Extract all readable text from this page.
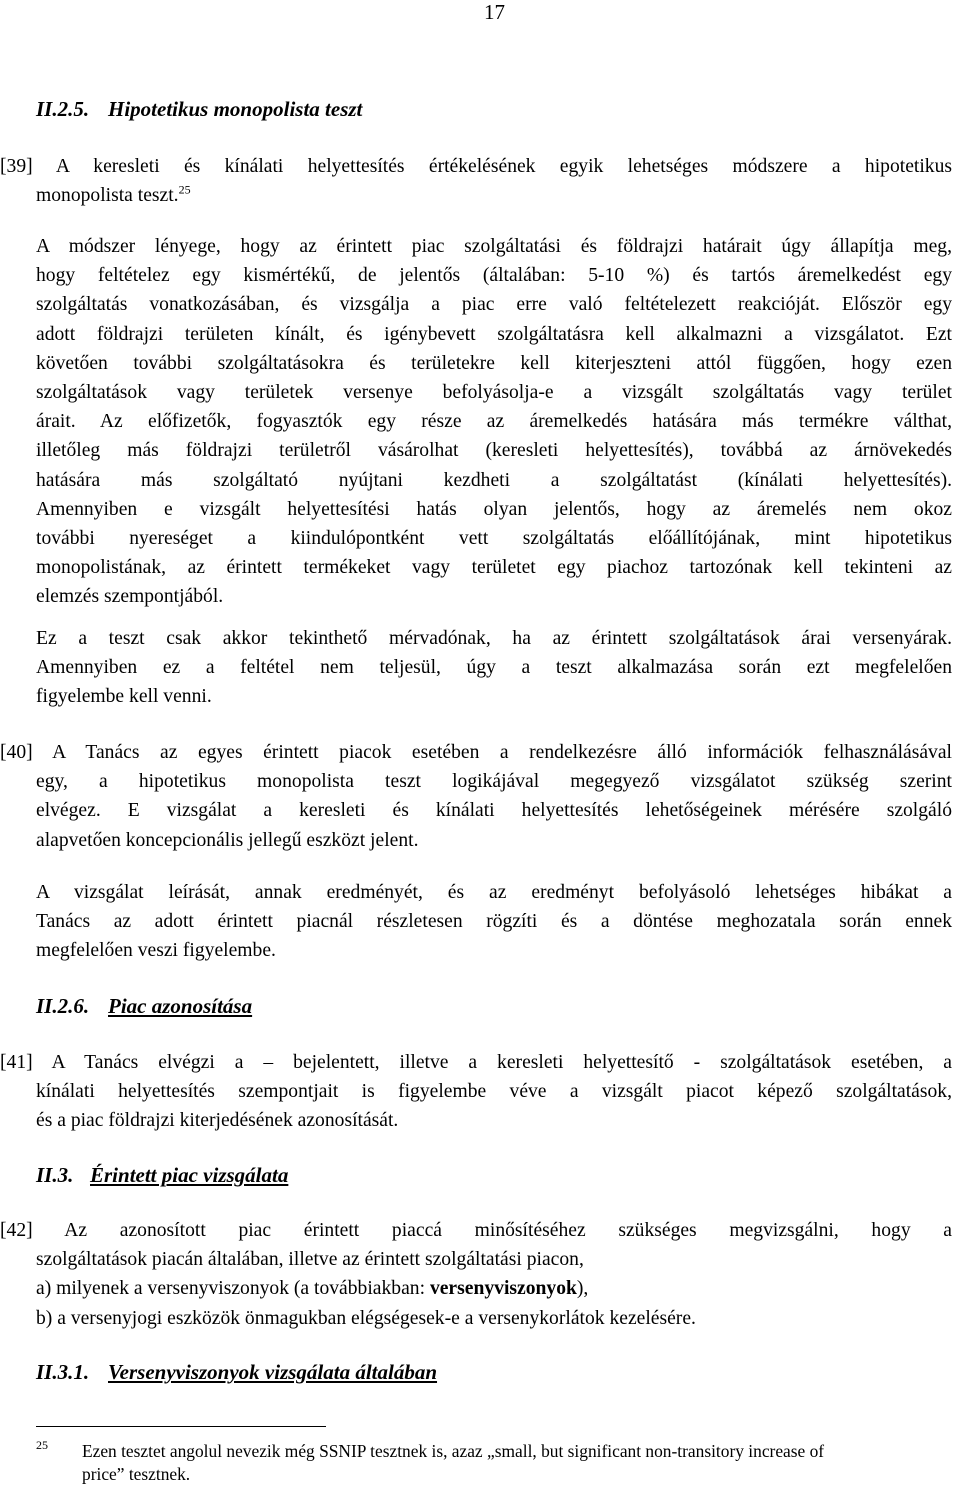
17
II.2.5. Hipotetikus monopolista teszt
[39] A keresleti és kínálati helyettesítés értékelésének egyik lehetséges módszere a hipotetikus
monopolista teszt.$^{25}$
A módszer lényege, hogy az érintett piac szolgáltatási és földrajzi határait úgy állapítja meg,
hogy feltételez egy kismértékű, de jelentős (általában: 5-10 %) és tartós áremelkedést egy
szolgáltatás vonatkozásában, és vizsgálja a piac erre való feltételezett reakcióját. Először egy
adott földrajzi területen kínált, és igénybevett szolgáltatásra kell alkalmazni a vizsgálatot. Ezt
követően további szolgáltatásokra és területekre kell kiterjeszteni attól függően, hogy ezen
szolgáltatások vagy területek versenye befolyásolja-e a vizsgált szolgáltatás vagy terület
árait. Az előfizetők, fogyasztók egy része az áremelkedés hatására más termékre válthat,
illetőleg más földrajzi területről vásárolhat (keresleti helyettesítés), továbbá az árnövekedés
hatására más szolgáltató nyújtani kezdheti a szolgáltatást (kínálati helyettesítés).
Amennyiben e vizsgált helyettesítési hatás olyan jelentős, hogy az áremelés nem okoz
további nyereséget a kiindulópontként vett szolgáltatás előállítójának, mint hipotetikus
monopolistának, az érintett termékeket vagy területet egy piachoz tartozónak kell tekinteni az
elemzés szempontjából.
Ez a teszt csak akkor tekinthető mérvadónak, ha az érintett szolgáltatások árai versenyárak.
Amennyiben ez a feltétel nem teljesül, úgy a teszt alkalmazása során ezt megfelelően
figyelembe kell venni.
[40] A Tanács az egyes érintett piacok esetében a rendelkezésre álló információk felhasználásával
egy, a hipotetikus monopolista teszt logikájával megegyező vizsgálatot szükség szerint
elvégez. E vizsgálat a keresleti és kínálati helyettesítés lehetőségeinek mérésére szolgáló
alapvetően koncepcionális jellegű eszközt jelent.
A vizsgálat leírását, annak eredményét, és az eredményt befolyásoló lehetséges hibákat a
Tanács az adott érintett piacnál részletesen rögzíti és a döntése meghozatala során ennek
megfelelően veszi figyelembe.
II.2.6. Piac azonosítása
[41] A Tanács elvégzi a – bejelentett, illetve a keresleti helyettesítő - szolgáltatások esetében, a
kínálati helyettesítés szempontjait is figyelembe véve a vizsgált piacot képező szolgáltatások,
és a piac földrajzi kiterjedésének azonosítását.
II.3. Érintett piac vizsgálata
[42] Az azonosított piac érintett piaccá minősítéséhez szükséges megvizsgálni, hogy a
szolgáltatások piacán általában, illetve az érintett szolgáltatási piacon,
a) milyenek a versenyviszonyok (a továbbiakban: versenyviszonyok),
b) a versenyjogi eszközök önmagukban elégségesek-e a versenykorlátok kezelésére.
II.3.1. Versenyviszonyok vizsgálata általában
25 Ezen tesztet angolul nevezik még SSNIP tesztnek is, azaz „small, but significant non-transitory increase of
price” tesztnek.
